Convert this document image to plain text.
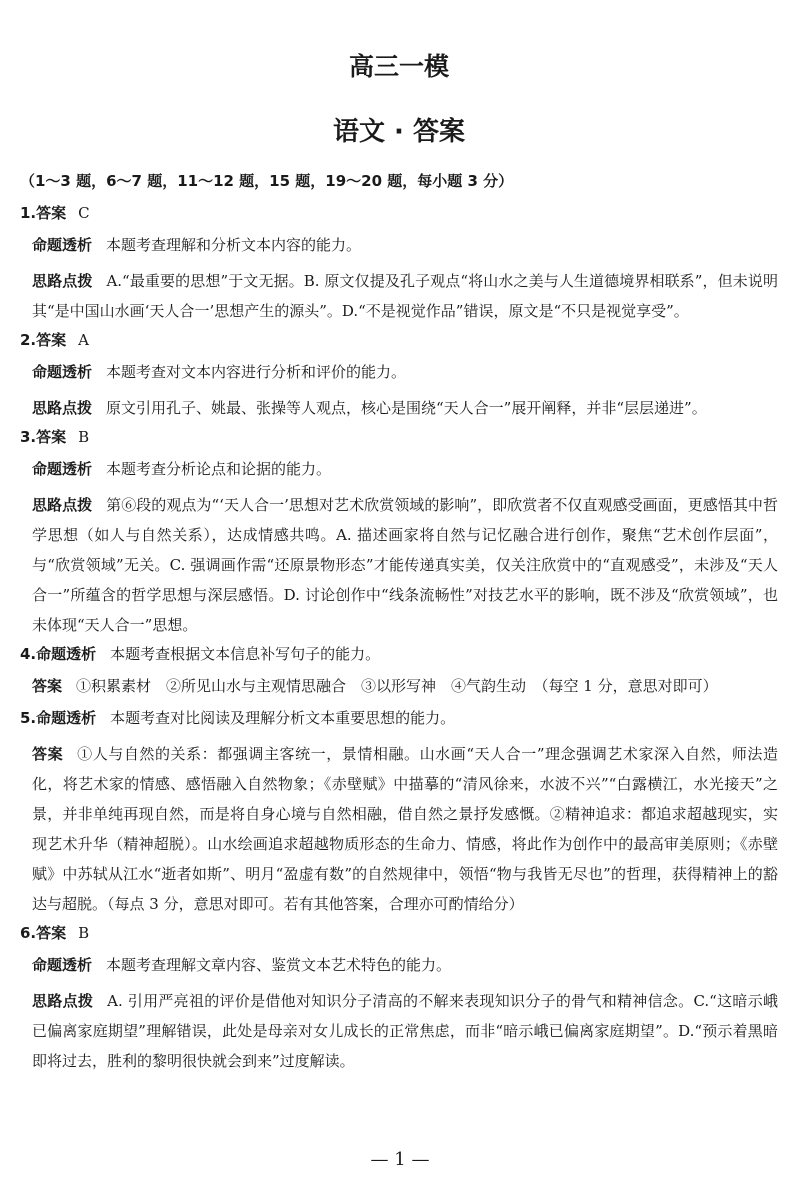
高三一模
语文 · 答案
（1～3 题，6～7 题，11～12 题，15 题，19～20 题，每小题 3 分）
1.答案 C
命题透析 本题考查理解和分析文本内容的能力。
思路点拨 A.“最重要的思想”于文无据。B. 原文仅提及孔子观点“将山水之美与人生道德境界相联系”，但未说明其“是中国山水画‘天人合一’思想产生的源头”。D.“不是视觉作品”错误，原文是“不只是视觉享受”。
2.答案 A
命题透析 本题考查对文本内容进行分析和评价的能力。
思路点拨 原文引用孔子、姚最、张操等人观点，核心是围绕“天人合一”展开阐释，并非“层层递进”。
3.答案 B
命题透析 本题考查分析论点和论据的能力。
思路点拨 第⑥段的观点为“‘天人合一’思想对艺术欣赏领域的影响”，即欣赏者不仅直观感受画面，更感悟其中哲学思想（如人与自然关系），达成情感共鸣。A. 描述画家将自然与记忆融合进行创作，聚焦“艺术创作层面”，与“欣赏领域”无关。C. 强调画作需“还原景物形态”才能传递真实美，仅关注欣赏中的“直观感受”，未涉及“天人合一”所蕴含的哲学思想与深层感悟。D. 讨论创作中“线条流畅性”对技艺水平的影响，既不涉及“欣赏领域”，也未体现“天人合一”思想。
4.命题透析 本题考查根据文本信息补写句子的能力。
答案 ①积累素材　②所见山水与主观情思融合　③以形写神　④气韵生动　（每空 1 分，意思对即可）
5.命题透析 本题考查对比阅读及理解分析文本重要思想的能力。
答案 ①人与自然的关系：都强调主客统一，景情相融。山水画“天人合一”理念强调艺术家深入自然，师法造化，将艺术家的情感、感悟融入自然物象；《赤壁赋》中描摹的“清风徐来，水波不兴”“白露横江，水光接天”之景，并非单纯再现自然，而是将自身心境与自然相融，借自然之景抒发感慨。②精神追求：都追求超越现实，实现艺术升华（精神超脱）。山水绘画追求超越物质形态的生命力、情感，将此作为创作中的最高审美原则；《赤壁赋》中苏轼从江水“逝者如斯”、明月“盈虚有数”的自然规律中，领悟“物与我皆无尽也”的哲理，获得精神上的豁达与超脱。（每点 3 分，意思对即可。若有其他答案，合理亦可酌情给分）
6.答案 B
命题透析 本题考查理解文章内容、鉴赏文本艺术特色的能力。
思路点拨 A. 引用严亮祖的评价是借他对知识分子清高的不解来表现知识分子的骨气和精神信念。C.“这暗示峨已偏离家庭期望”理解错误，此处是母亲对女儿成长的正常焦虑，而非“暗示峨已偏离家庭期望”。D.“预示着黑暗即将过去，胜利的黎明很快就会到来”过度解读。
— 1 —
